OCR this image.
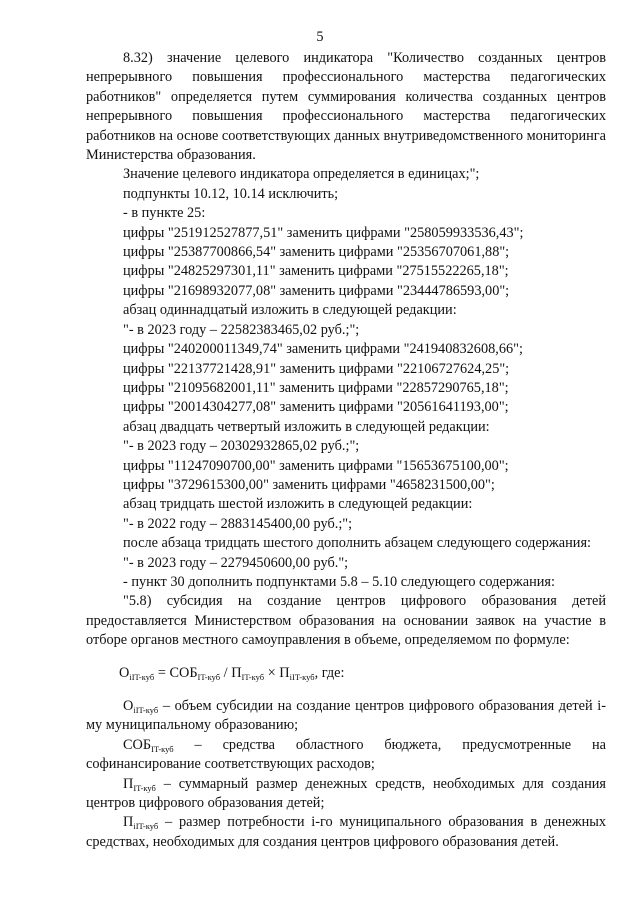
5

8.32) значение целевого индикатора "Количество созданных центров непрерывного повышения профессионального мастерства педагогических работников" определяется путем суммирования количества созданных центров непрерывного повышения профессионального мастерства педагогических работников на основе соответствующих данных внутриведомственного мониторинга Министерства образования.

Значение целевого индикатора определяется в единицах;";

подпункты 10.12, 10.14 исключить;

- в пункте 25:

цифры "251912527877,51" заменить цифрами "258059933536,43";

цифры "25387700866,54" заменить цифрами "25356707061,88";

цифры "24825297301,11" заменить цифрами "27515522265,18";

цифры "21698932077,08" заменить цифрами "23444786593,00";

абзац одиннадцатый изложить в следующей редакции:

"- в 2023 году – 22582383465,02 руб.;";

цифры "240200011349,74" заменить цифрами "241940832608,66";

цифры "22137721428,91" заменить цифрами "22106727624,25";

цифры "21095682001,11" заменить цифрами "22857290765,18";

цифры "20014304277,08" заменить цифрами "20561641193,00";

абзац двадцать четвертый изложить в следующей редакции:

"- в 2023 году – 20302932865,02 руб.;";

цифры "11247090700,00" заменить цифрами "15653675100,00";

цифры "3729615300,00" заменить цифрами "4658231500,00";

абзац тридцать шестой изложить в следующей редакции:

"- в 2022 году – 2883145400,00 руб.;";

после абзаца тридцать шестого дополнить абзацем следующего содержания:

"- в 2023 году – 2279450600,00 руб.";

- пункт 30 дополнить подпунктами 5.8 – 5.10 следующего содержания:

"5.8) субсидия на создание центров цифрового образования детей предоставляется Министерством образования на основании заявок на участие в отборе органов местного самоуправления в объеме, определяемом по формуле:

$О_{iIT-куб} = СОБ_{IT-куб} / П_{IT-куб} \times П_{iIT-куб}$, где:

$О_{iIT-куб}$ – объем субсидии на создание центров цифрового образования детей i-му муниципальному образованию;

$СОБ_{IT-куб}$ – средства областного бюджета, предусмотренные на софинансирование соответствующих расходов;

$П_{IT-куб}$ – суммарный размер денежных средств, необходимых для создания центров цифрового образования детей;

$П_{iIT-куб}$ – размер потребности i-го муниципального образования в денежных средствах, необходимых для создания центров цифрового образования детей.
